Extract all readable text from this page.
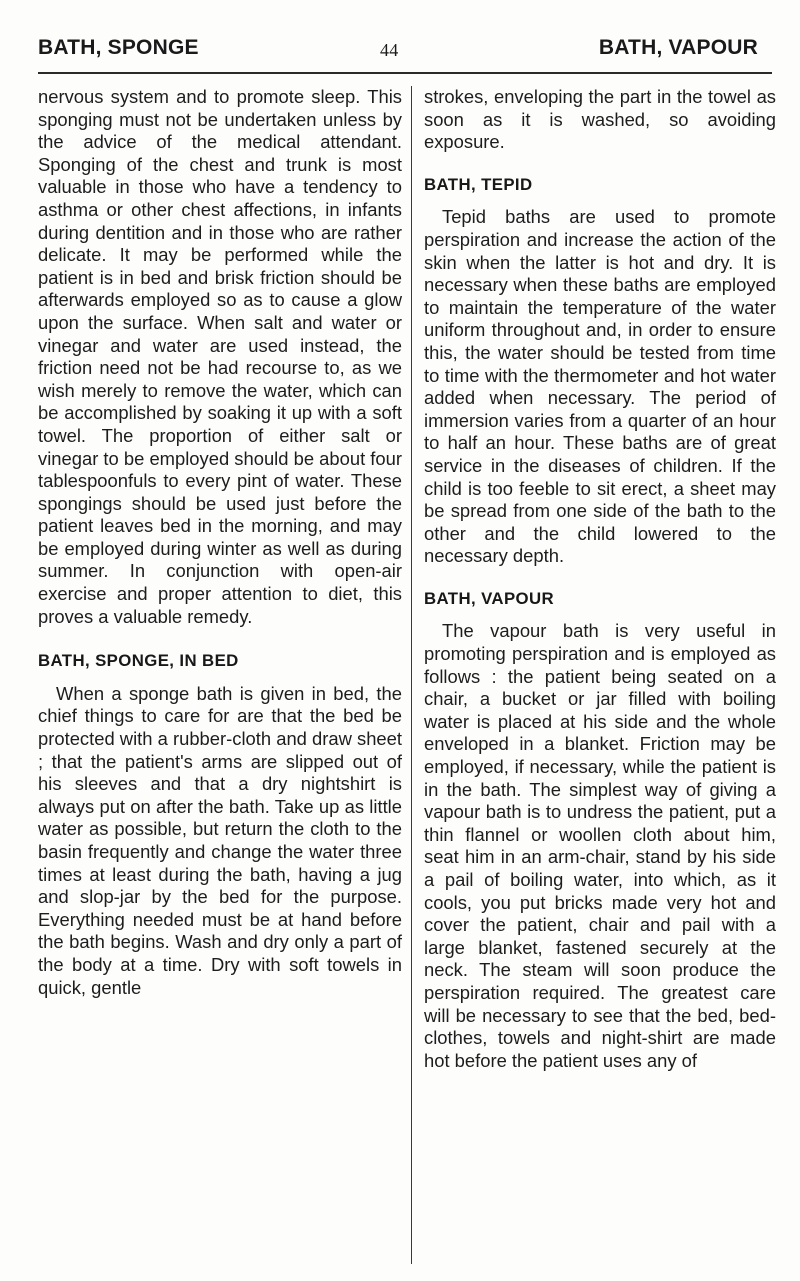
BATH, SPONGE	44	BATH, VAPOUR

nervous system and to promote sleep. This sponging must not be undertaken unless by the advice of the medical attendant. Sponging of the chest and trunk is most valuable in those who have a tendency to asthma or other chest affections, in infants during dentition and in those who are rather delicate. It may be performed while the patient is in bed and brisk friction should be afterwards employed so as to cause a glow upon the surface. When salt and water or vinegar and water are used instead, the friction need not be had recourse to, as we wish merely to remove the water, which can be accomplished by soaking it up with a soft towel. The proportion of either salt or vinegar to be employed should be about four tablespoonfuls to every pint of water. These spongings should be used just before the patient leaves bed in the morning, and may be employed during winter as well as during summer. In conjunction with open-air exercise and proper attention to diet, this proves a valuable remedy.

BATH, SPONGE, IN BED

When a sponge bath is given in bed, the chief things to care for are that the bed be protected with a rubber-cloth and draw sheet ; that the patient's arms are slipped out of his sleeves and that a dry nightshirt is always put on after the bath. Take up as little water as possible, but return the cloth to the basin frequently and change the water three times at least during the bath, having a jug and slop-jar by the bed for the purpose. Everything needed must be at hand before the bath begins. Wash and dry only a part of the body at a time. Dry with soft towels in quick, gentle

strokes, enveloping the part in the towel as soon as it is washed, so avoiding exposure.

BATH, TEPID

Tepid baths are used to promote perspiration and increase the action of the skin when the latter is hot and dry. It is necessary when these baths are employed to maintain the temperature of the water uniform throughout and, in order to ensure this, the water should be tested from time to time with the thermometer and hot water added when necessary. The period of immersion varies from a quarter of an hour to half an hour. These baths are of great service in the diseases of children. If the child is too feeble to sit erect, a sheet may be spread from one side of the bath to the other and the child lowered to the necessary depth.

BATH, VAPOUR

The vapour bath is very useful in promoting perspiration and is employed as follows : the patient being seated on a chair, a bucket or jar filled with boiling water is placed at his side and the whole enveloped in a blanket. Friction may be employed, if necessary, while the patient is in the bath. The simplest way of giving a vapour bath is to undress the patient, put a thin flannel or woollen cloth about him, seat him in an arm-chair, stand by his side a pail of boiling water, into which, as it cools, you put bricks made very hot and cover the patient, chair and pail with a large blanket, fastened securely at the neck. The steam will soon produce the perspiration required. The greatest care will be necessary to see that the bed, bed-clothes, towels and night-shirt are made hot before the patient uses any of
